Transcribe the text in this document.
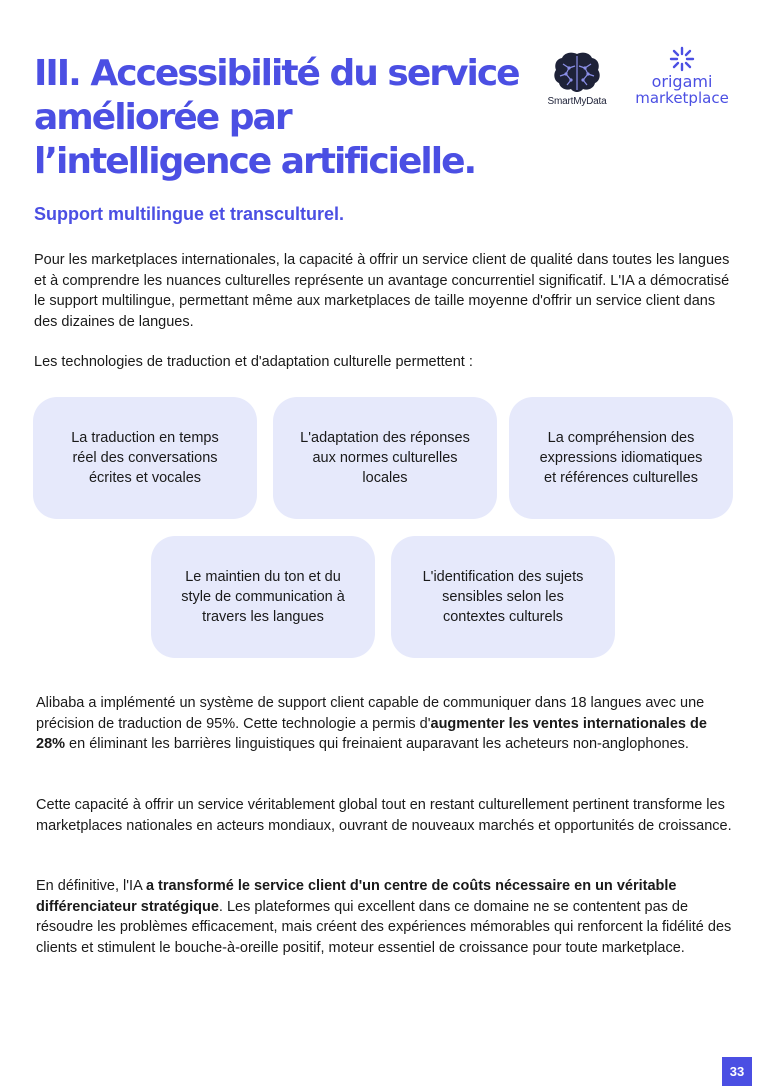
III. Accessibilité du service améliorée par l’intelligence artificielle.
SmartMyData
origami
marketplace
Support multilingue et transculturel.

Pour les marketplaces internationales, la capacité à offrir un service client de qualité dans toutes les langues et à comprendre les nuances culturelles représente un avantage concurrentiel significatif. L'IA a démocratisé le support multilingue, permettant même aux marketplaces de taille moyenne d'offrir un service client dans des dizaines de langues.

Les technologies de traduction et d'adaptation culturelle permettent :

La traduction en temps réel des conversations écrites et vocales
L'adaptation des réponses aux normes culturelles locales
La compréhension des expressions idiomatiques et références culturelles
Le maintien du ton et du style de communication à travers les langues
L'identification des sujets sensibles selon les contextes culturels

Alibaba a implémenté un système de support client capable de communiquer dans 18 langues avec une précision de traduction de 95%. Cette technologie a permis d'augmenter les ventes internationales de 28% en éliminant les barrières linguistiques qui freinaient auparavant les acheteurs non-anglophones.

Cette capacité à offrir un service véritablement global tout en restant culturellement pertinent transforme les marketplaces nationales en acteurs mondiaux, ouvrant de nouveaux marchés et opportunités de croissance.

En définitive, l'IA a transformé le service client d'un centre de coûts nécessaire en un véritable différenciateur stratégique. Les plateformes qui excellent dans ce domaine ne se contentent pas de résoudre les problèmes efficacement, mais créent des expériences mémorables qui renforcent la fidélité des clients et stimulent le bouche-à-oreille positif, moteur essentiel de croissance pour toute marketplace.

33
